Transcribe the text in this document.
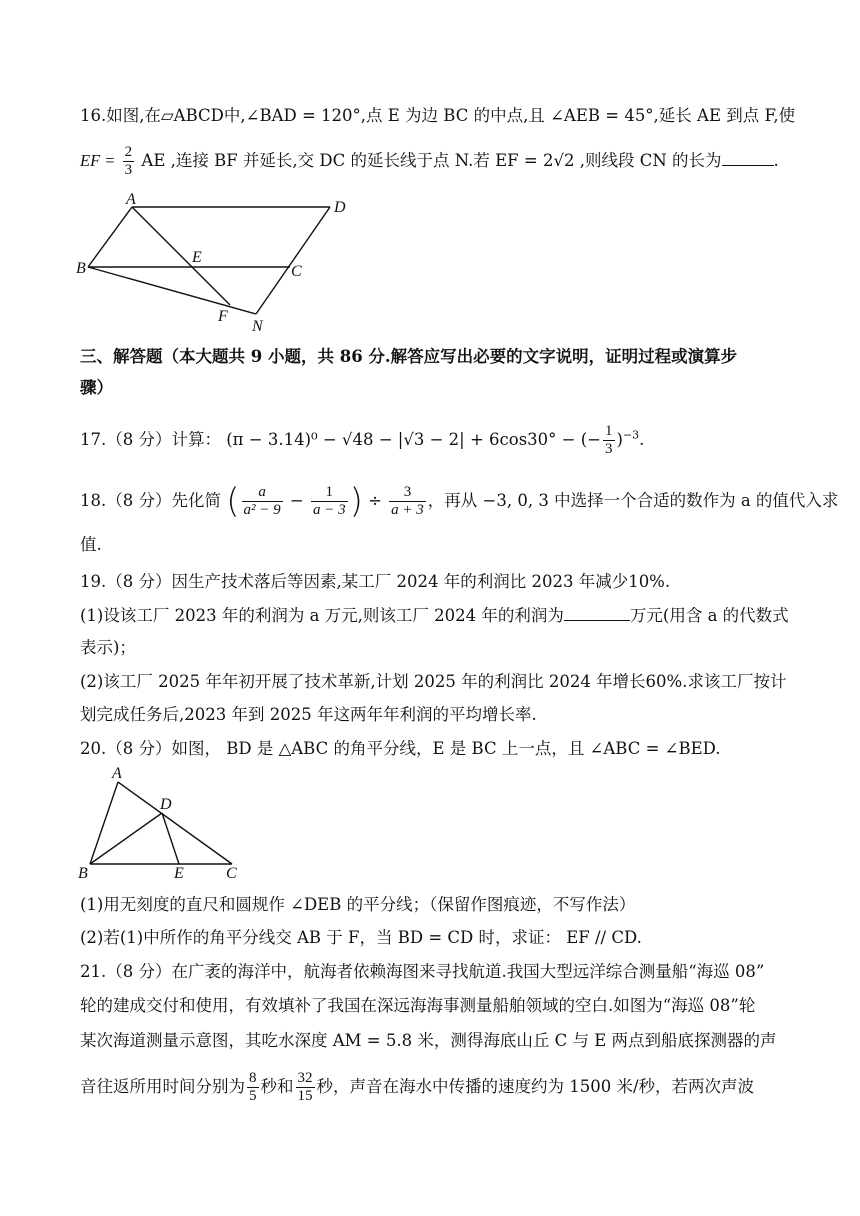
16.如图,在▱ABCD中,∠BAD = 120°,点 E 为边 BC 的中点,且 ∠AEB = 45°,延长 AE 到点 F,使
EF = $\frac{2}{3}$ AE ,连接 BF 并延长,交 DC 的延长线于点 N.若 EF = 2√2 ,则线段 CN 的长为	.
A	D
B
E
C
F
N
三、解答题（本大题共 9 小题，共 86 分.解答应写出必要的文字说明，证明过程或演算步
骤）
17.（8 分）计算： (π − 3.14)⁰ − √48 − |√3 − 2| + 6cos30° − (− $\frac{1}{3} )^{-3}$.
18.（8 分）先化简 ( $\frac{a}{\text{a² − 9}} - \frac{1}{a - 3}$ ) ÷ $\frac{3}{a + 3}$ ，再从 −3, 0, 3 中选择一个合适的数作为 a 的值代入求
值.
19.（8 分）因生产技术落后等因素,某工厂 2024 年的利润比 2023 年减少10%.
(1)设该工厂 2023 年的利润为 a 万元,则该工厂 2024 年的利润为	万元(用含 a 的代数式
表示)；
(2)该工厂 2025 年年初开展了技术革新,计划 2025 年的利润比 2024 年增长60%.求该工厂按计
划完成任务后,2023 年到 2025 年这两年年利润的平均增长率.
20.（8 分）如图， BD 是 △ABC 的角平分线，E 是 BC 上一点，且 ∠ABC = ∠BED.
A
D
B	E	C
(1)用无刻度的直尺和圆规作 ∠DEB 的平分线；（保留作图痕迹，不写作法）
(2)若(1)中所作的角平分线交 AB 于 F，当 BD = CD 时，求证： EF // CD.
21.（8 分）在广袤的海洋中，航海者依赖海图来寻找航道.我国大型远洋综合测量船“海巡 08”
轮的建成交付和使用，有效填补了我国在深远海海事测量船舶领域的空白.如图为“海巡 08”轮
某次海道测量示意图，其吃水深度 AM = 5.8 米，测得海底山丘 C 与 E 两点到船底探测器的声
音往返所用时间分别为 $\frac{8}{5}$ 秒和 $\frac{32}{15}$ 秒，声音在海水中传播的速度约为 1500 米/秒，若两次声波
